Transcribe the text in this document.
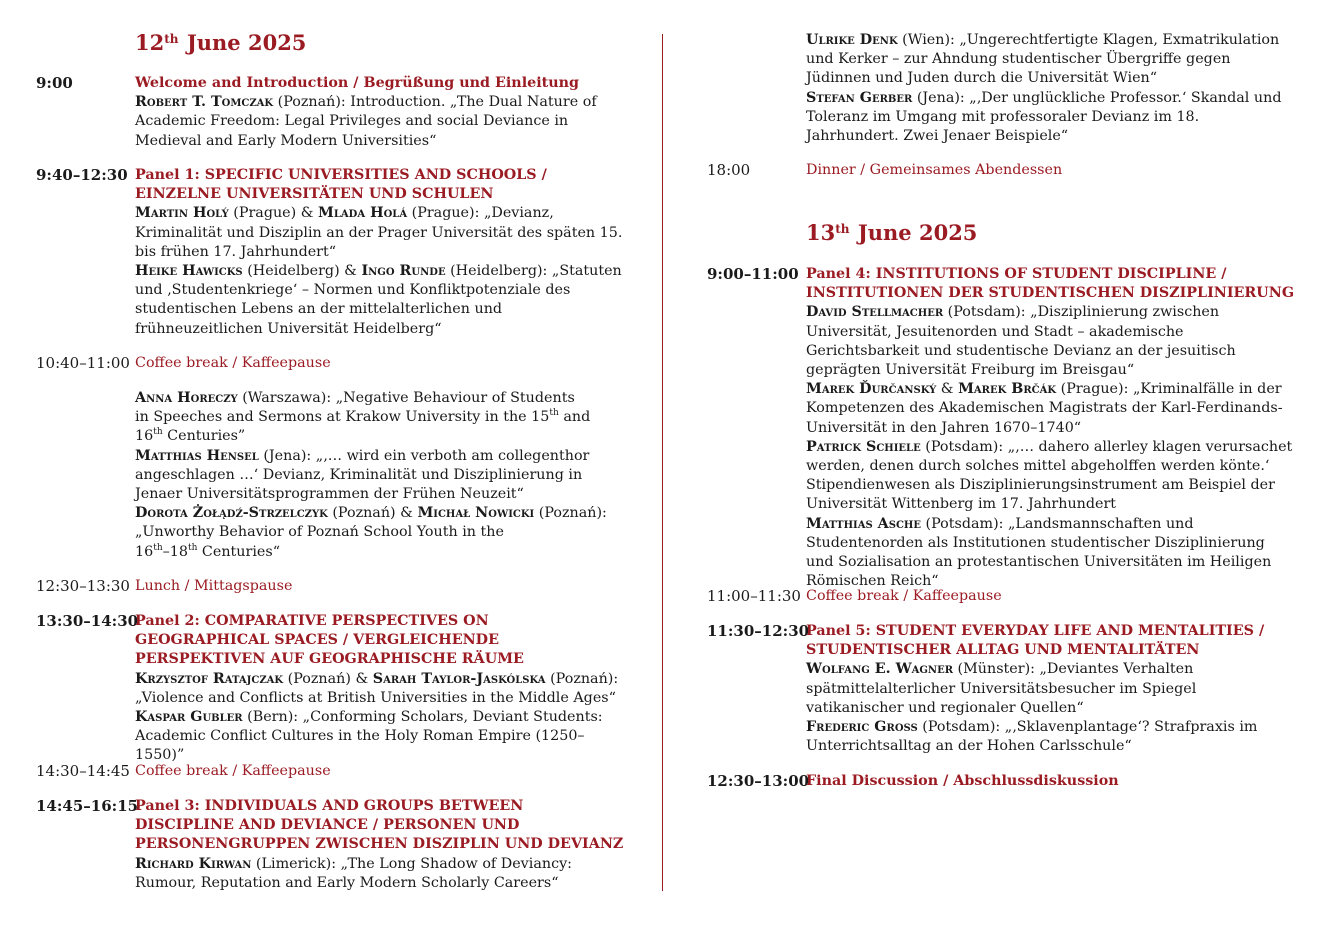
12th June 2025
9:00	Welcome and Introduction / Begrüßung und Einleitung
Robert T. Tomczak (Poznań): Introduction. „The Dual Nature of Academic Freedom: Legal Privileges and social Deviance in Medieval and Early Modern Universities“
9:40–12:30 Panel 1: SPECIFIC UNIVERSITIES AND SCHOOLS / EINZELNE UNIVERSITÄTEN UND SCHULEN
Martin Holý (Prague) & Mlada Holá (Prague): „Devianz, Kriminalität und Disziplin an der Prager Universität des späten 15. bis frühen 17. Jahrhundert“
Heike Hawicks (Heidelberg) & Ingo Runde (Heidelberg): „Statuten und ‚Studentenkriege‘ – Normen und Konfliktpotenziale des studentischen Lebens an der mittelalterlichen und frühneuzeitlichen Universität Heidelberg“
10:40–11:00 Coffee break / Kaffeepause
Anna Horeczy (Warszawa): „Negative Behaviour of Students
in Speeches and Sermons at Krakow University in the 15th and
16th Centuries”
Matthias Hensel (Jena): „‚… wird ein verboth am collegenthor angeschlagen …‘ Devianz, Kriminalität und Disziplinierung in Jenaer Universitätsprogrammen der Frühen Neuzeit“
Dorota Żołądź-Strzelczyk (Poznań) & Michał Nowicki (Poznań):
„Unworthy Behavior of Poznań School Youth in the
16th–18th Centuries“
12:30–13:30 Lunch / Mittagspause
13:30–14:30
Panel 2: COMPARATIVE PERSPECTIVES ON GEOGRAPHICAL SPACES / VERGLEICHENDE PERSPEKTIVEN AUF GEOGRAPHISCHE RÄUME
Krzysztof Ratajczak (Poznań) & Sarah Taylor-Jaskólska (Poznań): „Violence and Conflicts at British Universities in the Middle Ages“
Kaspar Gubler (Bern): „Conforming Scholars, Deviant Students: Academic Conflict Cultures in the Holy Roman Empire (1250–1550)”
14:30–14:45 Coffee break / Kaffeepause
14:45–16:15
Panel 3: INDIVIDUALS AND GROUPS BETWEEN DISCIPLINE AND DEVIANCE / PERSONEN UND PERSONENGRUPPEN ZWISCHEN DISZIPLIN UND DEVIANZ
Richard Kirwan (Limerick): „The Long Shadow of Deviancy: Rumour, Reputation and Early Modern Scholarly Careers“
Ulrike Denk (Wien): „Ungerechtfertigte Klagen, Exmatrikulation und Kerker – zur Ahndung studentischer Übergriffe gegen Jüdinnen und Juden durch die Universität Wien“
Stefan Gerber (Jena): „‚Der unglückliche Professor.‘ Skandal und Toleranz im Umgang mit professoraler Devianz im 18. Jahrhundert. Zwei Jenaer Beispiele“
18:00	Dinner / Gemeinsames Abendessen
13th June 2025
9:00–11:00 Panel 4: INSTITUTIONS OF STUDENT DISCIPLINE / INSTITUTIONEN DER STUDENTISCHEN DISZIPLINIERUNG
David Stellmacher (Potsdam): „Disziplinierung zwischen Universität, Jesuitenorden und Stadt – akademische Gerichtsbarkeit und studentische Devianz an der jesuitisch geprägten Universität Freiburg im Breisgau“
Marek Ďurčanský & Marek Brčák (Prague): „Kriminalfälle in der Kompetenzen des Akademischen Magistrats der Karl-Ferdinands-Universität in den Jahren 1670–1740“
Patrick Schiele (Potsdam): „‚… dahero allerley klagen verursachet werden, denen durch solches mittel abgeholffen werden könte.‘ Stipendienwesen als Disziplinierungsinstrument am Beispiel der Universität Wittenberg im 17. Jahrhundert
Matthias Asche (Potsdam): „Landsmannschaften und Studentenorden als Institutionen studentischer Disziplinierung und Sozialisation an protestantischen Universitäten im Heiligen Römischen Reich“
11:00–11:30 Coffee break / Kaffeepause
11:30–12:30
Panel 5: STUDENT EVERYDAY LIFE AND MENTALITIES / STUDENTISCHER ALLTAG UND MENTALITÄTEN
Wolfang E. Wagner (Münster): „Deviantes Verhalten spätmittelalterlicher Universitätsbesucher im Spiegel vatikanischer und regionaler Quellen“
Frederic Gross (Potsdam): „‚Sklavenplantage‘? Strafpraxis im Unterrichtsalltag an der Hohen Carlsschule“
12:30–13:00
Final Discussion / Abschlussdiskussion
